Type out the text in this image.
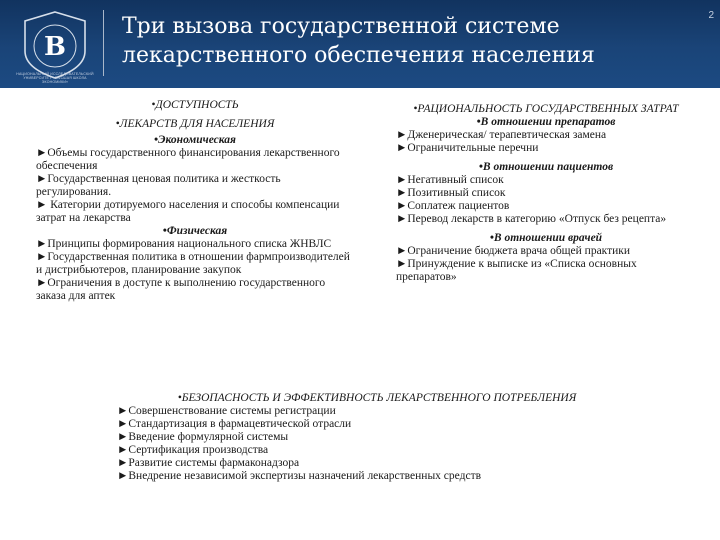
В
НАЦИОНАЛЬНЫЙ ИССЛЕДОВАТЕЛЬСКИЙ УНИВЕРСИТЕТ «ВЫСШАЯ ШКОЛА ЭКОНОМИКИ»
Три вызова государственной системе
лекарственного обеспечения населения
2
•ДОСТУПНОСТЬ
•ЛЕКАРСТВ ДЛЯ НАСЕЛЕНИЯ
•Экономическая

►Объемы государственного финансирования лекарственного обеспечения

►Государственная ценовая политика и жесткость регулирования.

► Категории дотируемого населения и способы компенсации затрат на лекарства

•Физическая

►Принципы формирования национального списка ЖНВЛС

►Государственная политика в отношении фармпроизводителей и дистрибьютеров, планирование закупок

►Ограничения в доступе к выполнению государственного заказа для аптек

•РАЦИОНАЛЬНОСТЬ ГОСУДАРСТВЕННЫХ ЗАТРАТ
•В отношении препаратов

►Дженерическая/ терапевтическая замена

►Ограничительные перечни

•В отношении пациентов

►Негативный список

►Позитивный список

►Соплатеж пациентов

►Перевод лекарств в категорию «Отпуск без рецепта»

•В отношении врачей

►Ограничение бюджета врача общей практики

►Принуждение к выписке из «Списка основных препаратов»

•БЕЗОПАСНОСТЬ И ЭФФЕКТИВНОСТЬ ЛЕКАРСТВЕННОГО ПОТРЕБЛЕНИЯ

►Совершенствование системы регистрации

►Стандартизация в фармацевтической отрасли

►Введение формулярной системы

►Сертификация производства

►Развитие системы фармаконадзора

►Внедрение независимой экспертизы назначений лекарственных средств
